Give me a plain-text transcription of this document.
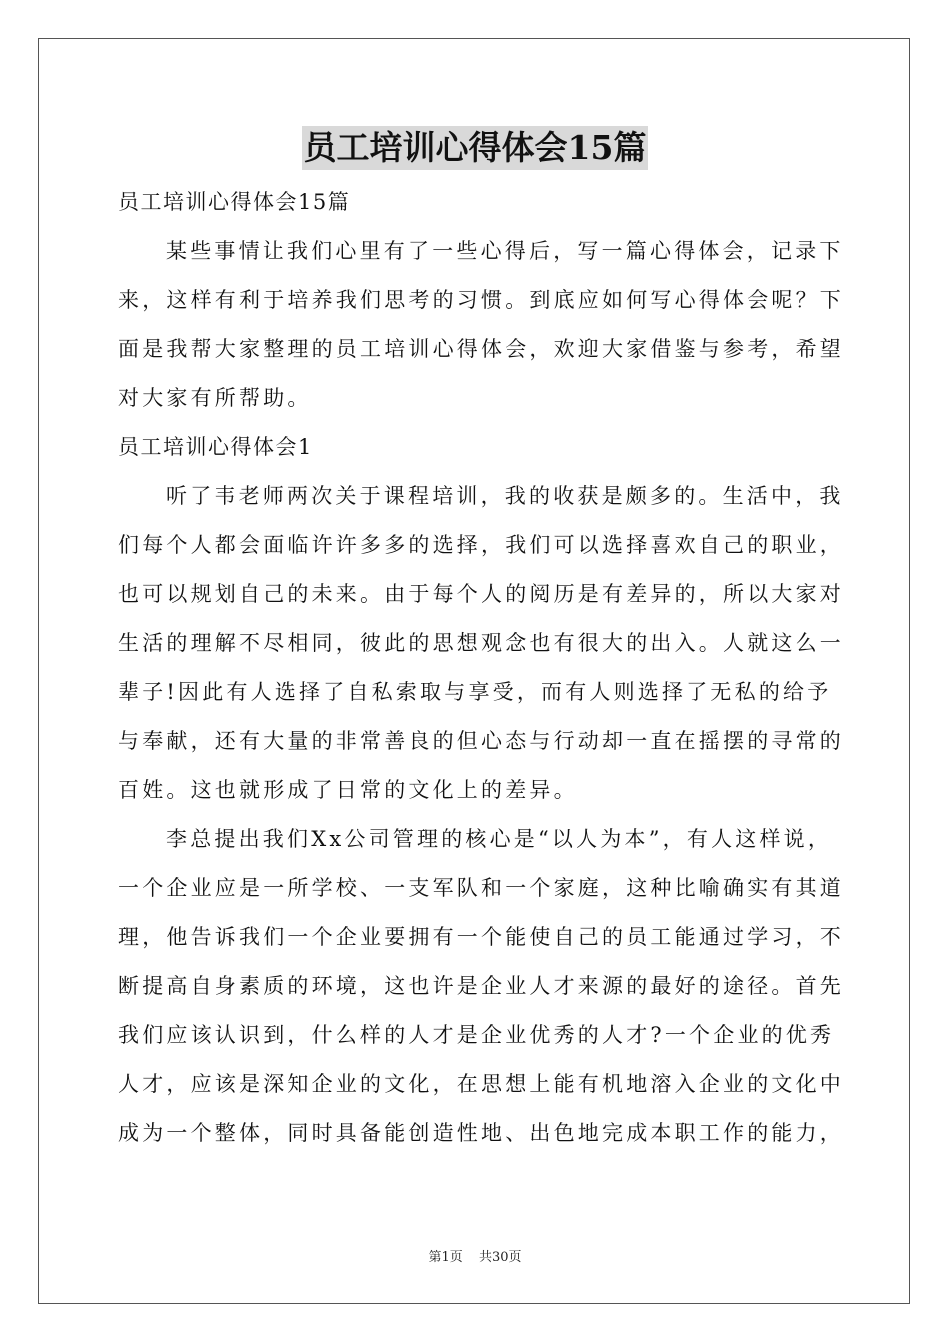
员工培训心得体会15篇
员工培训心得体会15篇
某些事情让我们心里有了一些心得后，写一篇心得体会，记录下
来，这样有利于培养我们思考的习惯。到底应如何写心得体会呢？下
面是我帮大家整理的员工培训心得体会，欢迎大家借鉴与参考，希望
对大家有所帮助。
员工培训心得体会1
听了韦老师两次关于课程培训，我的收获是颇多的。生活中，我
们每个人都会面临许许多多的选择，我们可以选择喜欢自己的职业，
也可以规划自己的未来。由于每个人的阅历是有差异的，所以大家对
生活的理解不尽相同，彼此的思想观念也有很大的出入。人就这么一
辈子!因此有人选择了自私索取与享受，而有人则选择了无私的给予
与奉献，还有大量的非常善良的但心态与行动却一直在摇摆的寻常的
百姓。这也就形成了日常的文化上的差异。
李总提出我们Xx公司管理的核心是“以人为本”，有人这样说，
一个企业应是一所学校、一支军队和一个家庭，这种比喻确实有其道
理，他告诉我们一个企业要拥有一个能使自己的员工能通过学习，不
断提高自身素质的环境，这也许是企业人才来源的最好的途径。首先
我们应该认识到，什么样的人才是企业优秀的人才?一个企业的优秀
人才，应该是深知企业的文化，在思想上能有机地溶入企业的文化中
成为一个整体，同时具备能创造性地、出色地完成本职工作的能力，
第1页 共30页
